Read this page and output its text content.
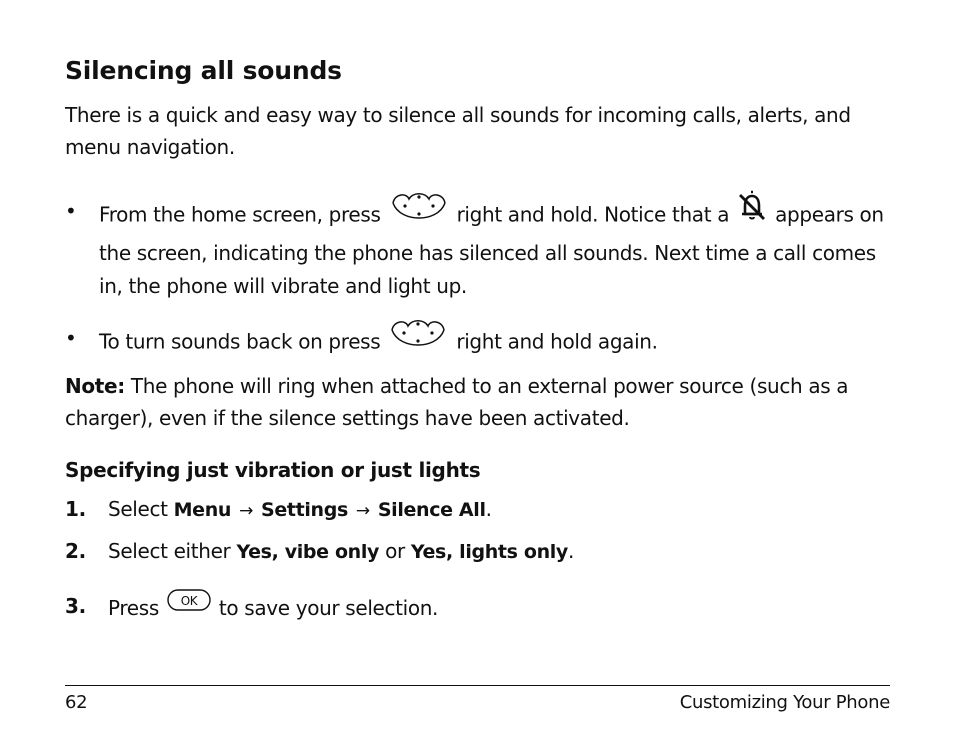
Silencing all sounds
There is a quick and easy way to silence all sounds for incoming calls, alerts, and menu navigation.
•	From the home screen, press	right and hold. Notice that a appears on the screen, indicating the phone has silenced all sounds. Next time a call comes in, the phone will vibrate and light up.
•	To turn sounds back on press	right and hold again.
Note: The phone will ring when attached to an external power source (such as a charger), even if the silence settings have been activated.
Specifying just vibration or just lights
1. Select Menu → Settings → Silence All.
2. Select either Yes, vibe only or Yes, lights only.
3. Press OK to save your selection.
62	Customizing Your Phone
